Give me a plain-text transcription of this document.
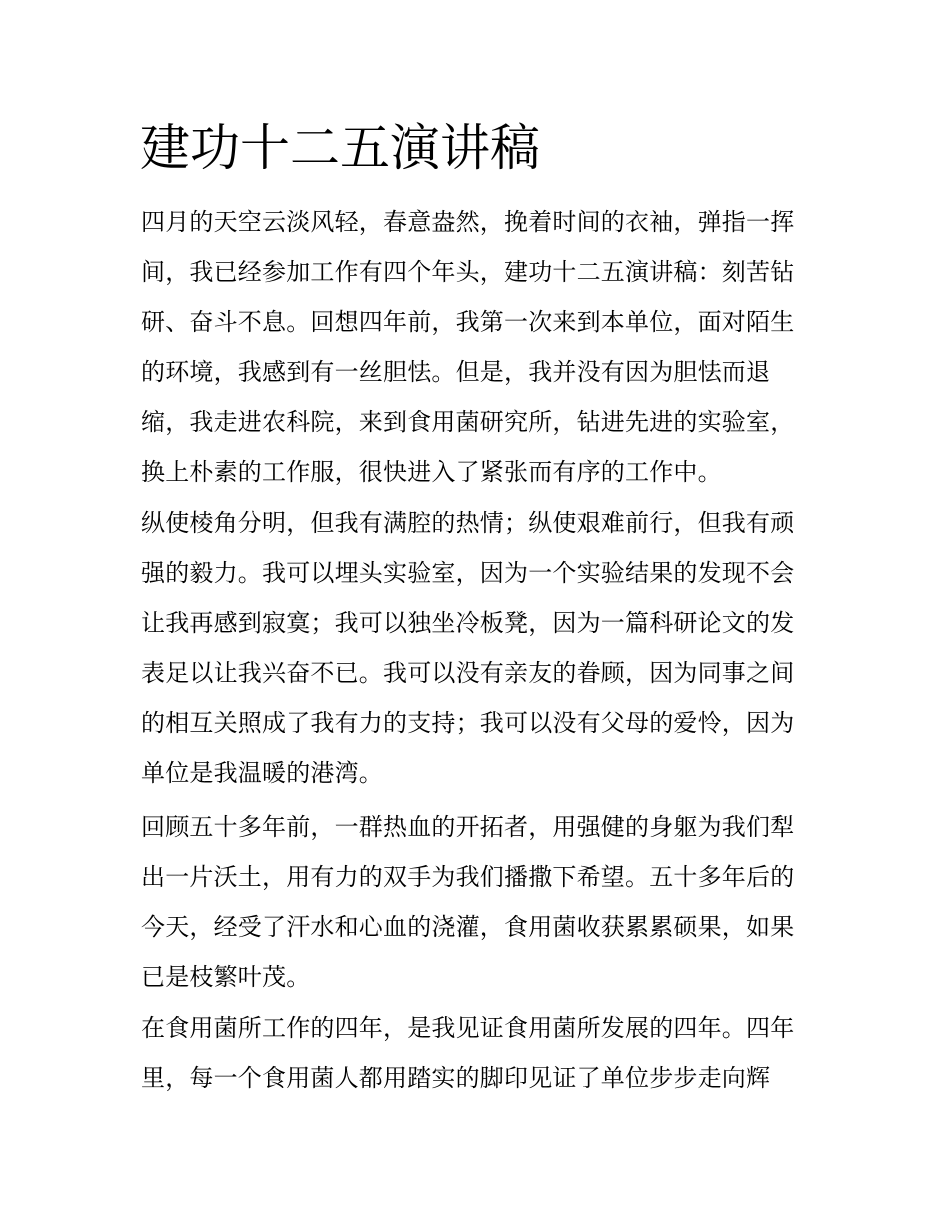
建功十二五演讲稿
四月的天空云淡风轻，春意盎然，挽着时间的衣袖，弹指一挥
间，我已经参加工作有四个年头，建功十二五演讲稿：刻苦钻
研、奋斗不息。回想四年前，我第一次来到本单位，面对陌生
的环境，我感到有一丝胆怯。但是，我并没有因为胆怯而退
缩，我走进农科院，来到食用菌研究所，钻进先进的实验室，
换上朴素的工作服，很快进入了紧张而有序的工作中。
纵使棱角分明，但我有满腔的热情；纵使艰难前行，但我有顽
强的毅力。我可以埋头实验室，因为一个实验结果的发现不会
让我再感到寂寞；我可以独坐冷板凳，因为一篇科研论文的发
表足以让我兴奋不已。我可以没有亲友的眷顾，因为同事之间
的相互关照成了我有力的支持；我可以没有父母的爱怜，因为
单位是我温暖的港湾。
回顾五十多年前，一群热血的开拓者，用强健的身躯为我们犁
出一片沃土，用有力的双手为我们播撒下希望。五十多年后的
今天，经受了汗水和心血的浇灌，食用菌收获累累硕果，如果
已是枝繁叶茂。
在食用菌所工作的四年，是我见证食用菌所发展的四年。四年
里，每一个食用菌人都用踏实的脚印见证了单位步步走向辉
